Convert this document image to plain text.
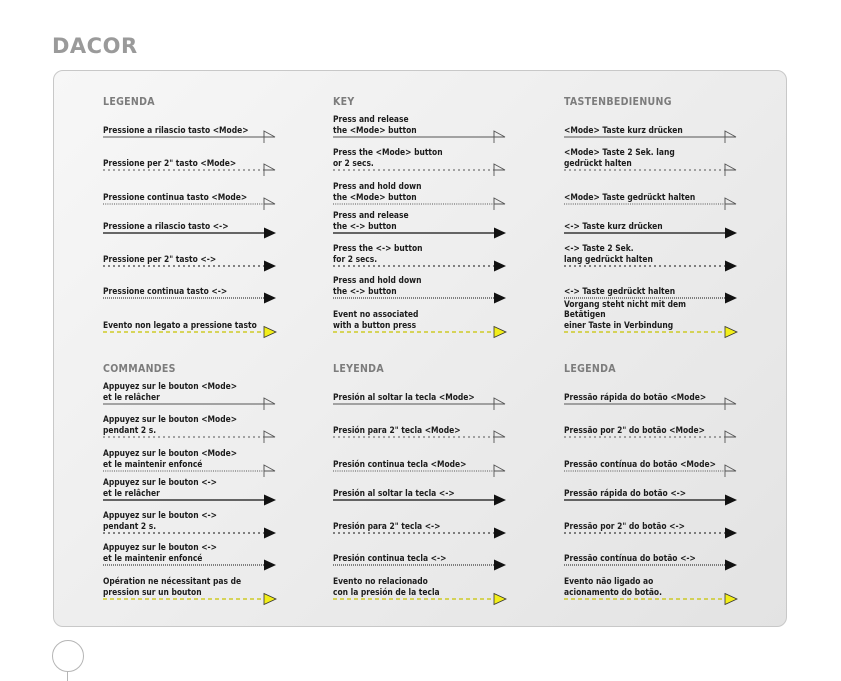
DACOR
LEGENDA
Pressione a rilascio tasto <Mode>
Pressione per 2" tasto <Mode>
Pressione continua tasto <Mode>
Pressione a rilascio tasto <->
Pressione per 2" tasto <->
Pressione continua tasto <->
Evento non legato a pressione tasto
KEY
Press and release
the <Mode> button
Press the <Mode> button
or 2 secs.
Press and hold down
the <Mode> button
Press and release
the <-> button
Press the <-> button
for 2 secs.
Press and hold down
the <-> button
Event no associated
with a button press
TASTENBEDIENUNG
<Mode> Taste kurz drücken
<Mode> Taste 2 Sek. lang
gedrückt halten
<Mode> Taste gedrückt halten
<-> Taste kurz drücken
<-> Taste 2 Sek.
lang gedrückt halten
<-> Taste gedrückt halten
Vorgang steht nicht mit dem Betätigen
einer Taste in Verbindung
COMMANDES
Appuyez sur le bouton <Mode>
et le relâcher
Appuyez sur le bouton <Mode>
pendant 2 s.
Appuyez sur le bouton <Mode>
et le maintenir enfoncé
Appuyez sur le bouton <->
et le relâcher
Appuyez sur le bouton <->
pendant 2 s.
Appuyez sur le bouton <->
et le maintenir enfoncé
Opération ne nécessitant pas de
pression sur un bouton
LEYENDA
Presión al soltar la tecla <Mode>
Presión para 2" tecla <Mode>
Presión continua tecla <Mode>
Presión al soltar la tecla <->
Presión para 2" tecla <->
Presión continua tecla <->
Evento no relacionado
con la presión de la tecla
LEGENDA
Pressão rápida do botão <Mode>
Pressão por 2" do botão <Mode>
Pressão contínua do botão <Mode>
Pressão rápida do botão <->
Pressão por 2" do botão <->
Pressão contínua do botão <->
Evento não ligado ao
acionamento do botão.
